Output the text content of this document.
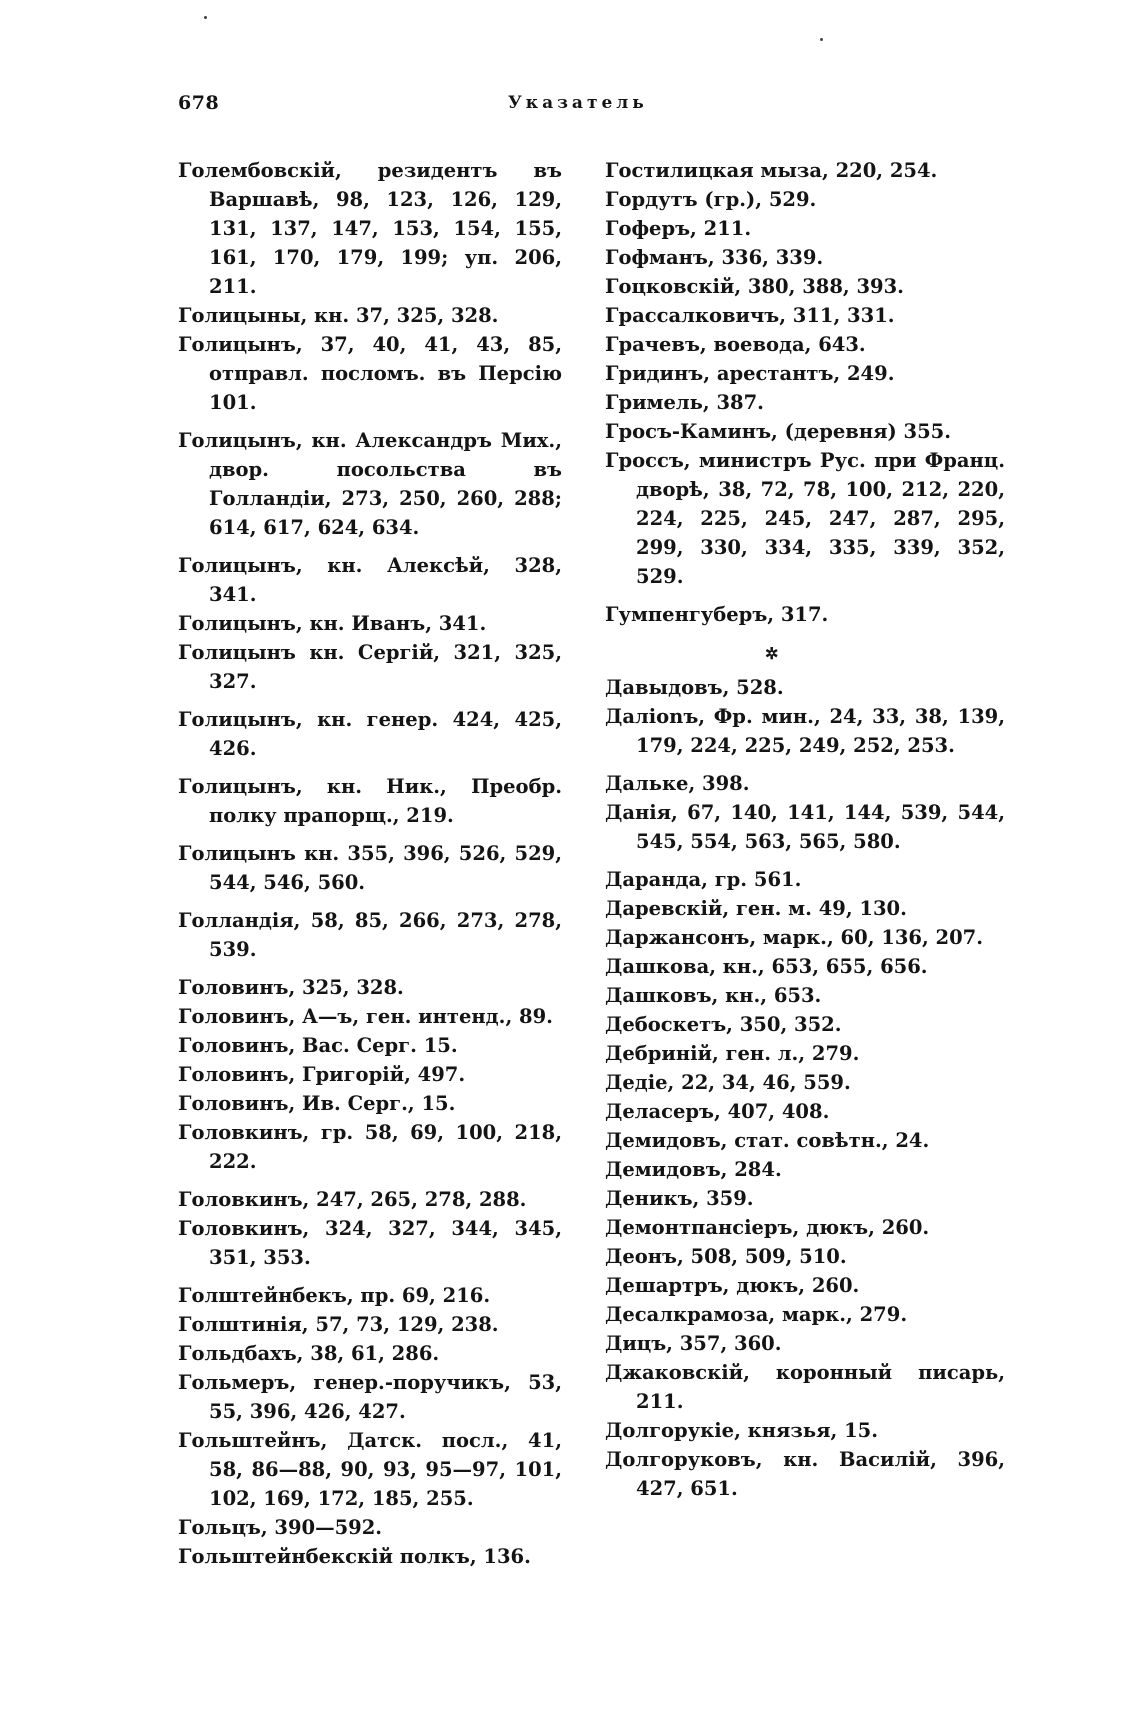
678	Указатель

Голембовскій, резидентъ въ Варшавѣ, 98, 123, 126, 129, 131, 137, 147, 153, 154, 155, 161, 170, 179, 199; уп. 206, 211.

Голицыны, кн. 37, 325, 328.

Голицынъ, 37, 40, 41, 43, 85, отправл. посломъ. въ Персію 101.

Голицынъ, кн. Александръ Мих., двор. посольства въ Голландіи, 273, 250, 260, 288; 614, 617, 624, 634.

Голицынъ, кн. Алексѣй, 328, 341.

Голицынъ, кн. Иванъ, 341.

Голицынъ кн. Сергій, 321, 325, 327.

Голицынъ, кн. генер. 424, 425, 426.

Голицынъ, кн. Ник., Преобр. полку прапорщ., 219.

Голицынъ кн. 355, 396, 526, 529, 544, 546, 560.

Голландія, 58, 85, 266, 273, 278, 539.

Головинъ, 325, 328.

Головинъ, А—ъ, ген. интенд., 89.

Головинъ, Вас. Серг. 15.

Головинъ, Григорій, 497.

Головинъ, Ив. Серг., 15.

Головкинъ, гр. 58, 69, 100, 218, 222.

Головкинъ, 247, 265, 278, 288.

Головкинъ, 324, 327, 344, 345, 351, 353.

Голштейнбекъ, пр. 69, 216.

Голштинія, 57, 73, 129, 238.

Гольдбахъ, 38, 61, 286.

Гольмеръ, генер.-поручикъ, 53, 55, 396, 426, 427.

Гольштейнъ, Датск. посл., 41, 58, 86—88, 90, 93, 95—97, 101, 102, 169, 172, 185, 255.

Гольцъ, 390—592.

Гольштейнбекскій полкъ, 136.

Гостилицкая мыза, 220, 254.

Гордутъ (гр.), 529.

Гоферъ, 211.

Гофманъ, 336, 339.

Гоцковскій, 380, 388, 393.

Грассалковичъ, 311, 331.

Грачевъ, воевода, 643.

Гридинъ, арестантъ, 249.

Гримель, 387.

Гросъ-Каминъ, (деревня) 355.

Гроссъ, министръ Рус. при Франц. дворѣ, 38, 72, 78, 100, 212, 220, 224, 225, 245, 247, 287, 295, 299, 330, 334, 335, 339, 352, 529.

Гумпенгуберъ, 317.

✲

Давыдовъ, 528.

Далionъ, Фр. мин., 24, 33, 38, 139, 179, 224, 225, 249, 252, 253.

Дальке, 398.

Данія, 67, 140, 141, 144, 539, 544, 545, 554, 563, 565, 580.

Даранда, гр. 561.

Даревскій, ген. м. 49, 130.

Даржансонъ, марк., 60, 136, 207.

Дашкова, кн., 653, 655, 656.

Дашковъ, кн., 653.

Дебоскетъ, 350, 352.

Дебриній, ген. л., 279.

Дедіе, 22, 34, 46, 559.

Деласеръ, 407, 408.

Демидовъ, стат. совѣтн., 24.

Демидовъ, 284.

Деникъ, 359.

Демонтпансіеръ, дюкъ, 260.

Деонъ, 508, 509, 510.

Дешартръ, дюкъ, 260.

Десалкрамоза, марк., 279.

Дицъ, 357, 360.

Джаковскій, коронный писарь, 211.

Долгорукіе, князья, 15.

Долгоруковъ, кн. Василій, 396, 427, 651.
